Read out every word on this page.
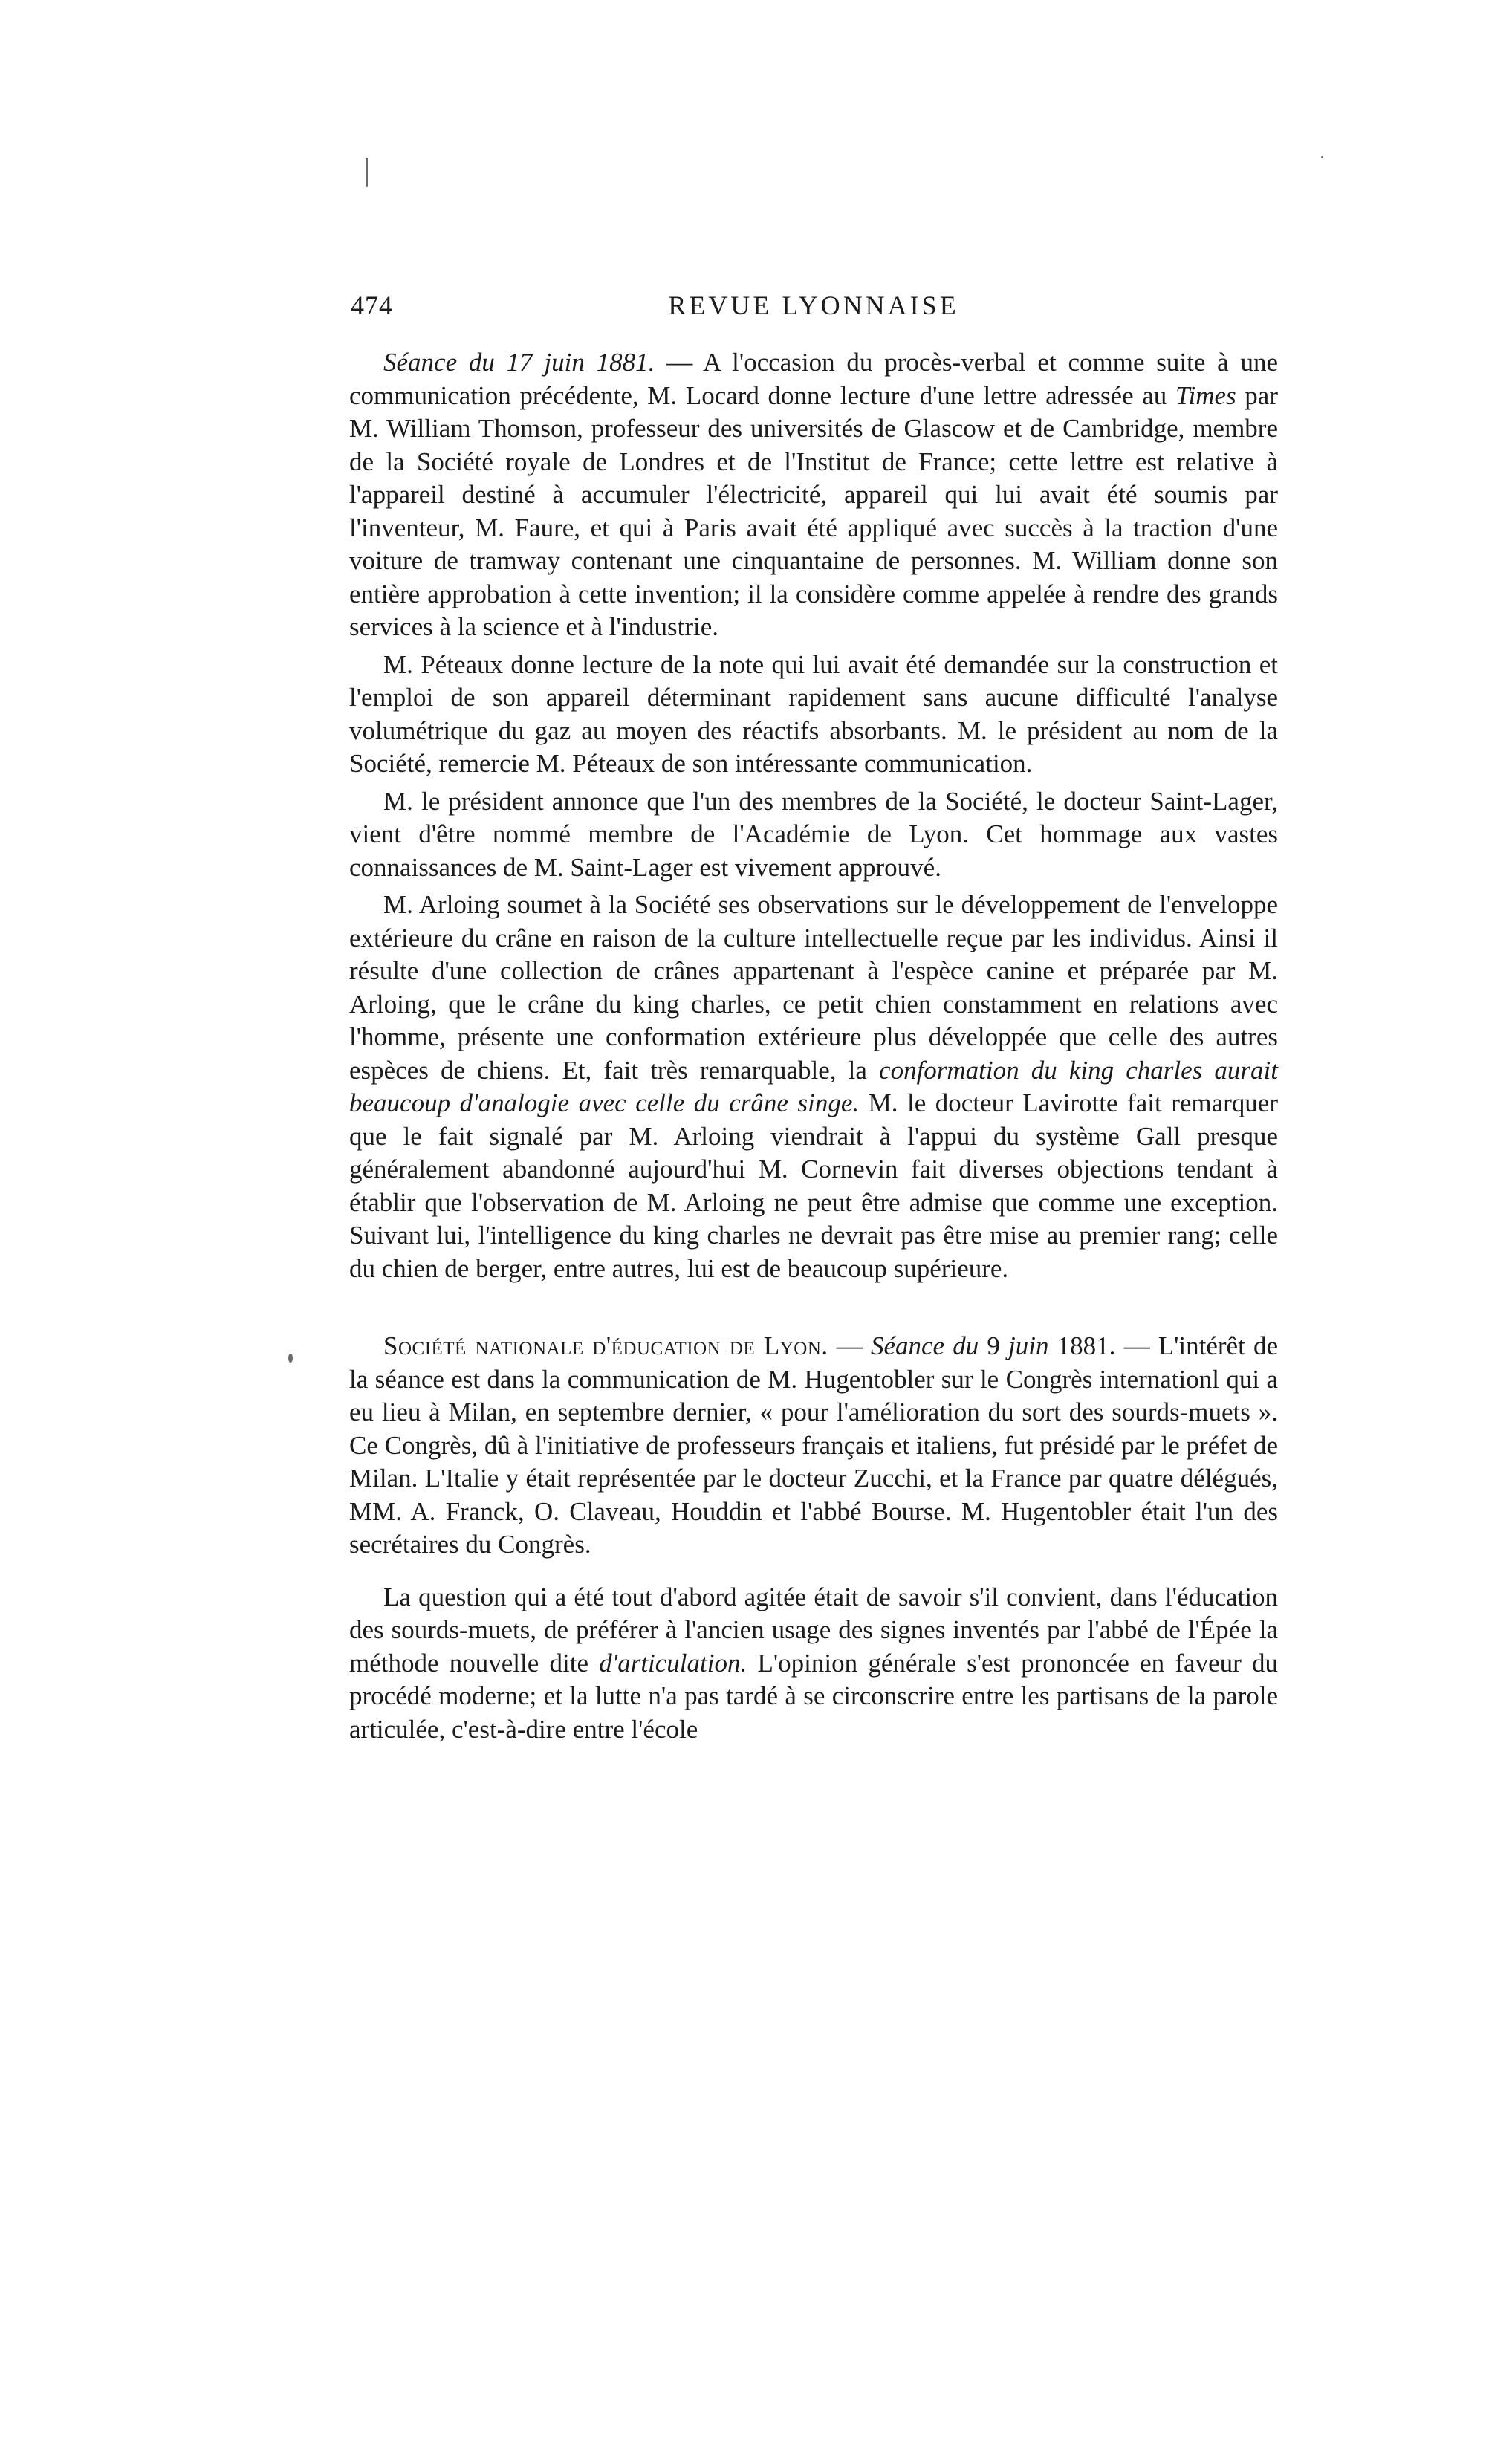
474	REVUE LYONNAISE

Séance du 17 juin 1881. — A l'occasion du procès-verbal et comme suite à une communication précédente, M. Locard donne lecture d'une lettre adressée au Times par M. William Thomson, professeur des universités de Glascow et de Cambridge, membre de la Société royale de Londres et de l'Institut de France; cette lettre est relative à l'appareil destiné à accumuler l'électricité, appareil qui lui avait été soumis par l'inventeur, M. Faure, et qui à Paris avait été appliqué avec succès à la traction d'une voiture de tramway contenant une cinquantaine de personnes. M. William donne son entière approbation à cette invention; il la considère comme appelée à rendre des grands services à la science et à l'industrie.

M. Péteaux donne lecture de la note qui lui avait été demandée sur la construction et l'emploi de son appareil déterminant rapidement sans aucune difficulté l'analyse volumétrique du gaz au moyen des réactifs absorbants. M. le président au nom de la Société, remercie M. Péteaux de son intéressante communication.

M. le président annonce que l'un des membres de la Société, le docteur Saint-Lager, vient d'être nommé membre de l'Académie de Lyon. Cet hommage aux vastes connaissances de M. Saint-Lager est vivement approuvé.

M. Arloing soumet à la Société ses observations sur le développement de l'enveloppe extérieure du crâne en raison de la culture intellectuelle reçue par les individus. Ainsi il résulte d'une collection de crânes appartenant à l'espèce canine et préparée par M. Arloing, que le crâne du king charles, ce petit chien constamment en relations avec l'homme, présente une conformation extérieure plus développée que celle des autres espèces de chiens. Et, fait très remarquable, la conformation du king charles aurait beaucoup d'analogie avec celle du crâne singe. M. le docteur Lavirotte fait remarquer que le fait signalé par M. Arloing viendrait à l'appui du système Gall presque généralement abandonné aujourd'hui M. Cornevin fait diverses objections tendant à établir que l'observation de M. Arloing ne peut être admise que comme une exception. Suivant lui, l'intelligence du king charles ne devrait pas être mise au premier rang; celle du chien de berger, entre autres, lui est de beaucoup supérieure.

Société nationale d'éducation de Lyon. — Séance du 9 juin 1881. — L'intérêt de la séance est dans la communication de M. Hugentobler sur le Congrès internationl qui a eu lieu à Milan, en septembre dernier, « pour l'amélioration du sort des sourds-muets ». Ce Congrès, dû à l'initiative de professeurs français et italiens, fut présidé par le préfet de Milan. L'Italie y était représentée par le docteur Zucchi, et la France par quatre délégués, MM. A. Franck, O. Claveau, Houddin et l'abbé Bourse. M. Hugentobler était l'un des secrétaires du Congrès.

La question qui a été tout d'abord agitée était de savoir s'il convient, dans l'éducation des sourds-muets, de préférer à l'ancien usage des signes inventés par l'abbé de l'Épée la méthode nouvelle dite d'articulation. L'opinion générale s'est prononcée en faveur du procédé moderne; et la lutte n'a pas tardé à se circonscrire entre les partisans de la parole articulée, c'est-à-dire entre l'école
